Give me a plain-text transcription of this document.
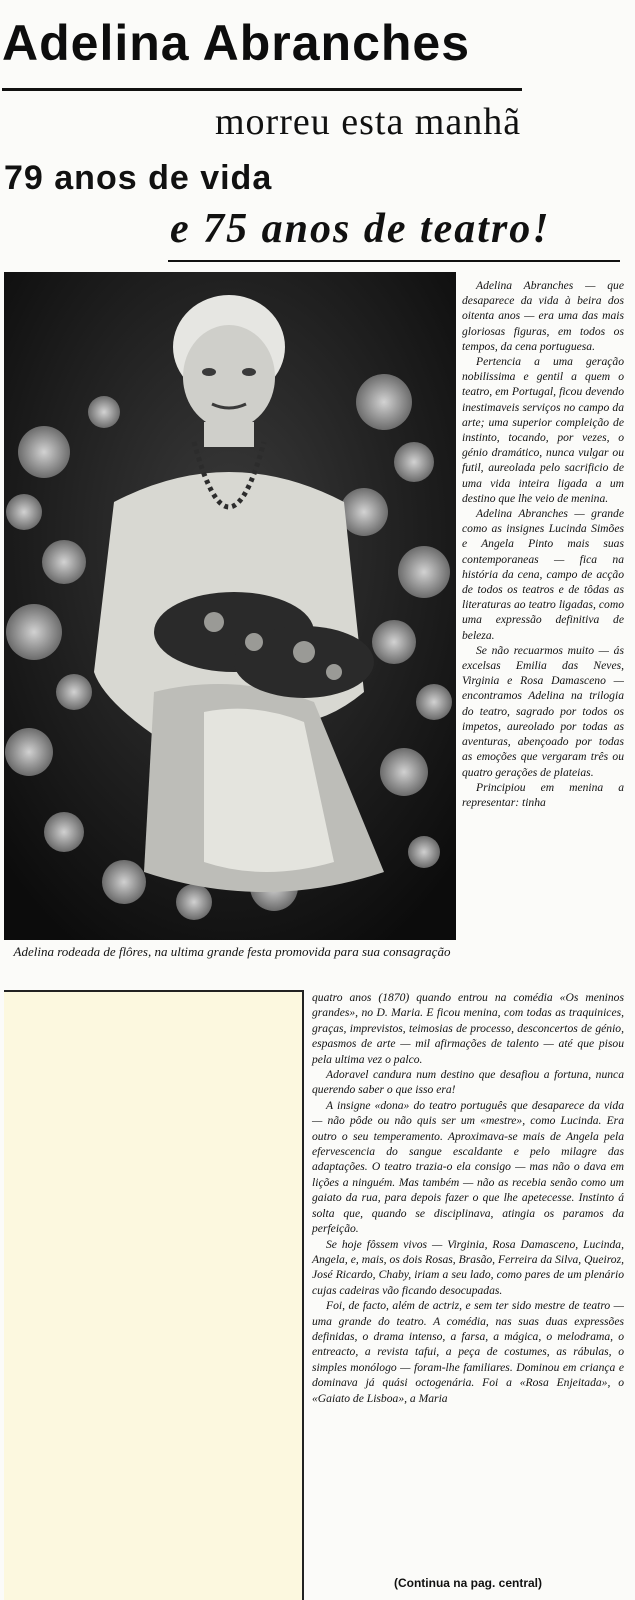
Adelina Abranches
morreu esta manhã
79 anos de vida
e 75 anos de teatro!
Adelina rodeada de flôres, na ultima grande festa promovida para sua consagração

Adelina Abranches — que desaparece da vida à beira dos oitenta anos — era uma das mais gloriosas figuras, em todos os tempos, da cena portuguesa.

Pertencia a uma geração nobilissima e gentil a quem o teatro, em Portugal, ficou devendo inestimaveis serviços no campo da arte; uma superior compleição de instinto, tocando, por vezes, o génio dramático, nunca vulgar ou futil, aureolada pelo sacrificio de uma vida inteira ligada a um destino que lhe veio de menina.

Adelina Abranches — grande como as insignes Lucinda Simões e Angela Pinto mais suas contemporaneas — fica na história da cena, campo de acção de todos os teatros e de tôdas as literaturas ao teatro ligadas, como uma expressão definitiva de beleza.

Se não recuarmos muito — ás excelsas Emilia das Neves, Virginia e Rosa Damasceno — encontramos Adelina na trilogia do teatro, sagrado por todos os impetos, aureolado por todas as aventuras, abençoado por todas as emoções que vergaram três ou quatro gerações de plateias.

Principiou em menina a representar: tinha

quatro anos (1870) quando entrou na comédia «Os meninos grandes», no D. Maria. E ficou menina, com todas as traquinices, graças, imprevistos, teimosias de processo, desconcertos de génio, espasmos de arte — mil afirmações de talento — até que pisou pela ultima vez o palco.

Adoravel candura num destino que desafiou a fortuna, nunca querendo saber o que isso era!

A insigne «dona» do teatro português que desaparece da vida — não pôde ou não quis ser um «mestre», como Lucinda. Era outro o seu temperamento. Aproximava-se mais de Angela pela efervescencia do sangue escaldante e pelo milagre das adaptações. O teatro trazia-o ela consigo — mas não o dava em lições a ninguém. Mas também — não as recebia senão como um gaiato da rua, para depois fazer o que lhe apetecesse. Instinto á solta que, quando se disciplinava, atingia os paramos da perfeição.

Se hoje fôssem vivos — Virginia, Rosa Damasceno, Lucinda, Angela, e, mais, os dois Rosas, Brasão, Ferreira da Silva, Queiroz, José Ricardo, Chaby, iriam a seu lado, como pares de um plenário cujas cadeiras vão ficando desocupadas.

Foi, de facto, além de actriz, e sem ter sido mestre de teatro — uma grande do teatro. A comédia, nas suas duas expressões definidas, o drama intenso, a farsa, a mágica, o melodrama, o entreacto, a revista tafui, a peça de costumes, as rábulas, o simples monólogo — foram-lhe familiares. Dominou em criança e dominava já quási octogenária. Foi a «Rosa Enjeitada», o «Gaiato de Lisboa», a Maria

(Continua na pag. central)
